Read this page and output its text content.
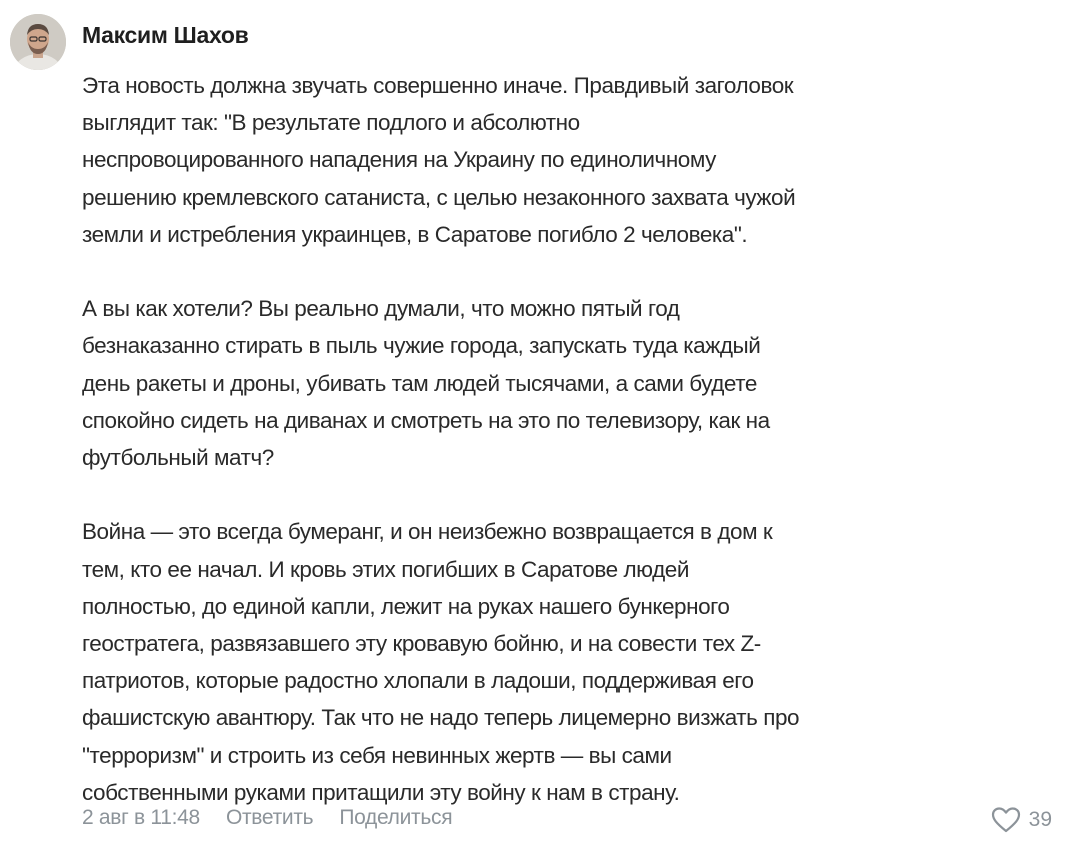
Максим Шахов
Эта новость должна звучать совершенно иначе. Правдивый заголовок
выглядит так: "В результате подлого и абсолютно
неспровоцированного нападения на Украину по единоличному
решению кремлевского сатаниста, с целью незаконного захвата чужой
земли и истребления украинцев, в Саратове погибло 2 человека".
А вы как хотели? Вы реально думали, что можно пятый год
безнаказанно стирать в пыль чужие города, запускать туда каждый
день ракеты и дроны, убивать там людей тысячами, а сами будете
спокойно сидеть на диванах и смотреть на это по телевизору, как на
футбольный матч?
Война — это всегда бумеранг, и он неизбежно возвращается в дом к
тем, кто ее начал. И кровь этих погибших в Саратове людей
полностью, до единой капли, лежит на руках нашего бункерного
геостратега, развязавшего эту кровавую бойню, и на совести тех Z-
патриотов, которые радостно хлопали в ладоши, поддерживая его
фашистскую авантюру. Так что не надо теперь лицемерно визжать про
"терроризм" и строить из себя невинных жертв — вы сами
собственными руками притащили эту войну к нам в страну.
2 авг в 11:48 Ответить Поделиться	39
